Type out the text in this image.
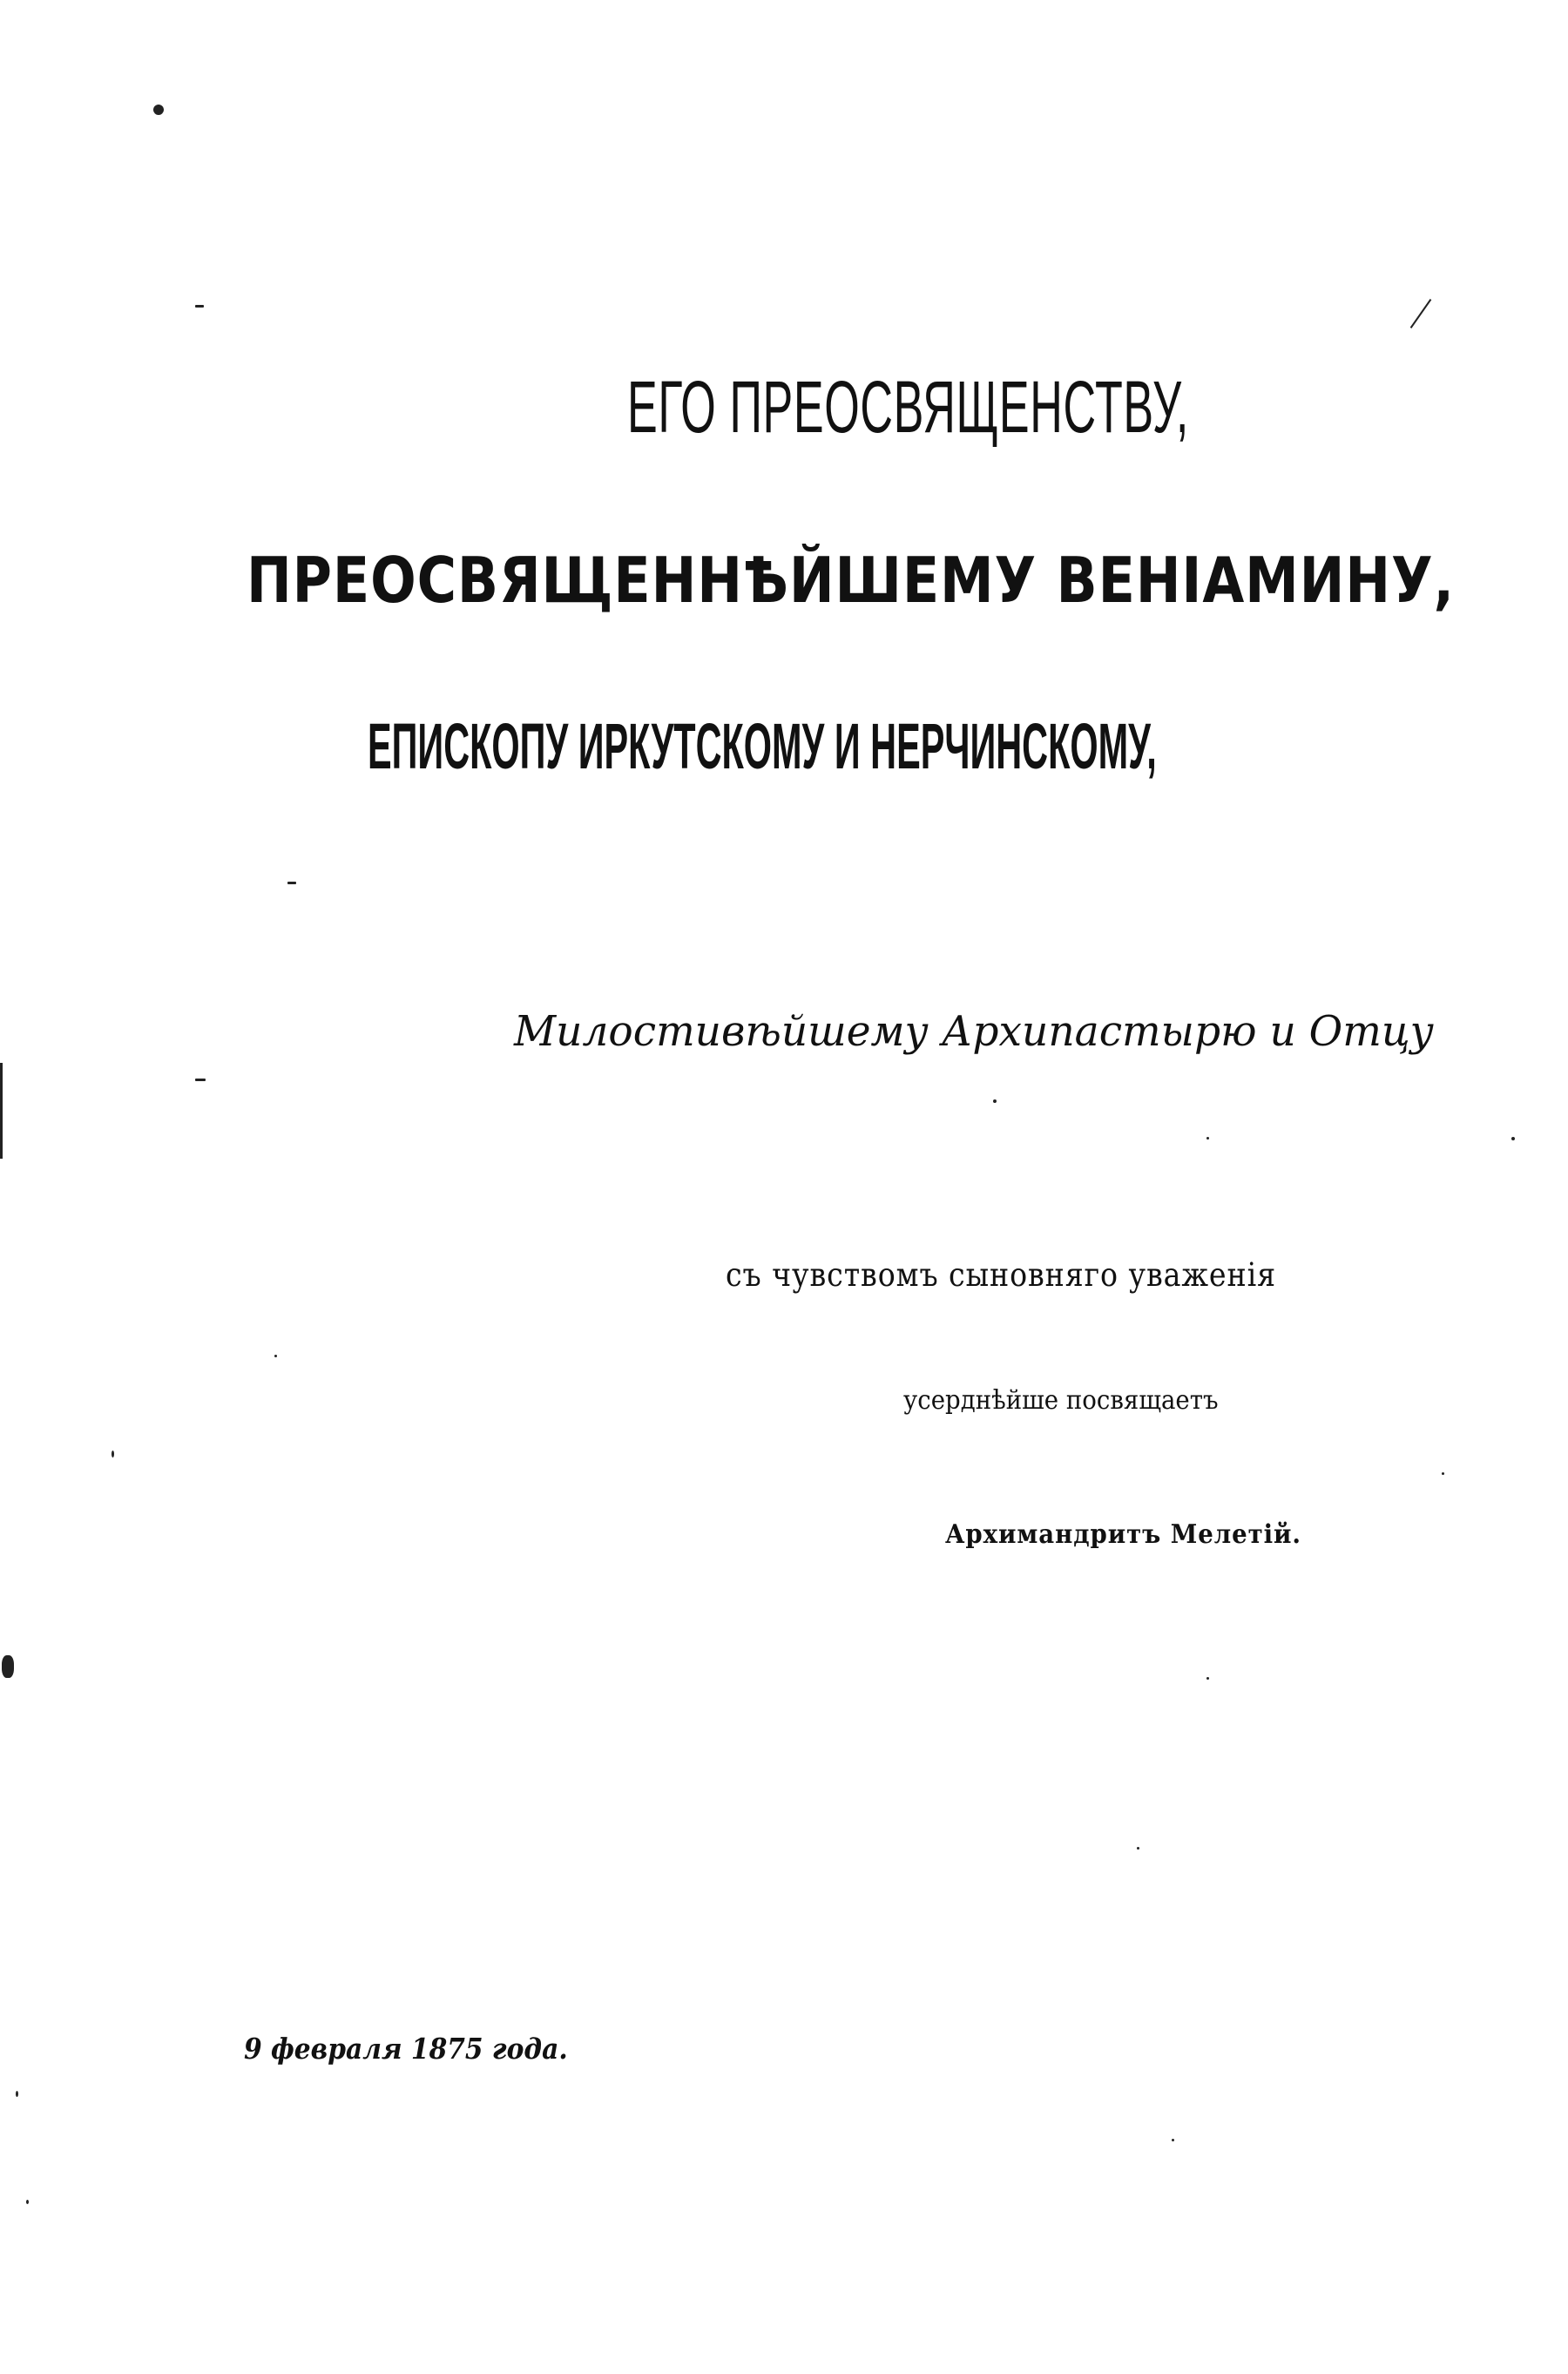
ЕГО ПРЕОСВЯЩЕНСТВУ,
ПРЕОСВЯЩЕННѢЙШЕМУ ВЕНІАМИНУ,
ЕПИСКОПУ ИРКУТСКОМУ И НЕРЧИНСКОМУ,
Милостивѣйшему Архипастырю и Отцу
съ чувствомъ сыновняго уваженія
усерднѣйше посвящаетъ
Архимандритъ Мелетій.
9 февраля 1875 года.
